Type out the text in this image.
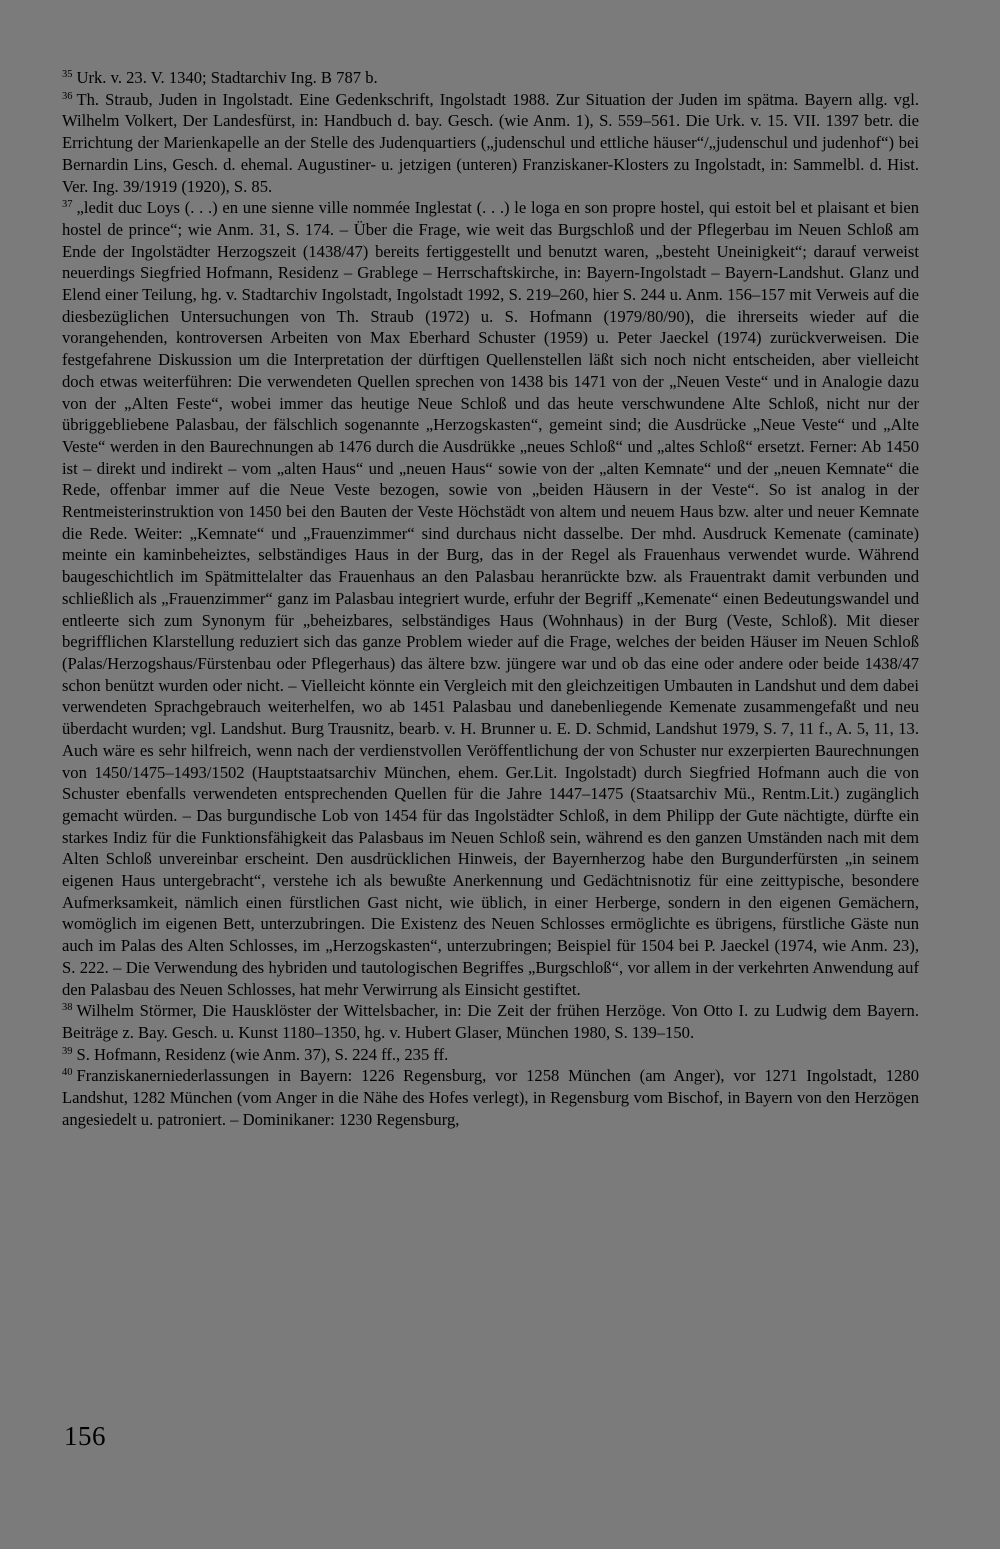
$^{35}$ Urk. v. 23. V. 1340; Stadtarchiv Ing. B 787 b.

$^{36}$ Th. Straub, Juden in Ingolstadt. Eine Gedenkschrift, Ingolstadt 1988. Zur Situation der Juden im spätma. Bayern allg. vgl. Wilhelm Volkert, Der Landesfürst, in: Handbuch d. bay. Gesch. (wie Anm. 1), S. 559–561. Die Urk. v. 15. VII. 1397 betr. die Errichtung der Marienkapelle an der Stelle des Judenquartiers („judenschul und ettliche häuser“/„judenschul und judenhof“) bei Bernardin Lins, Gesch. d. ehemal. Augustiner- u. jetzigen (unteren) Franziskaner-Klosters zu Ingolstadt, in: Sammelbl. d. Hist. Ver. Ing. 39/1919 (1920), S. 85.

$^{37}$ „ledit duc Loys (. . .) en une sienne ville nommée Inglestat (. . .) le loga en son propre hostel, qui estoit bel et plaisant et bien hostel de prince“; wie Anm. 31, S. 174. – Über die Frage, wie weit das Burgschloß und der Pflegerbau im Neuen Schloß am Ende der Ingolstädter Herzogszeit (1438/47) bereits fertiggestellt und benutzt waren, „besteht Uneinigkeit“; darauf verweist neuerdings Siegfried Hofmann, Residenz – Grablege – Herrschaftskirche, in: Bayern-Ingolstadt – Bayern-Landshut. Glanz und Elend einer Teilung, hg. v. Stadtarchiv Ingolstadt, Ingolstadt 1992, S. 219–260, hier S. 244 u. Anm. 156–157 mit Verweis auf die diesbezüglichen Untersuchungen von Th. Straub (1972) u. S. Hofmann (1979/80/90), die ihrerseits wieder auf die vorangehenden, kontroversen Arbeiten von Max Eberhard Schuster (1959) u. Peter Jaeckel (1974) zurückverweisen. Die festgefahrene Diskussion um die Interpretation der dürftigen Quellenstellen läßt sich noch nicht entscheiden, aber vielleicht doch etwas weiterführen: Die verwendeten Quellen sprechen von 1438 bis 1471 von der „Neuen Veste“ und in Analogie dazu von der „Alten Feste“, wobei immer das heutige Neue Schloß und das heute verschwundene Alte Schloß, nicht nur der übriggebliebene Palasbau, der fälschlich sogenannte „Herzogskasten“, gemeint sind; die Ausdrücke „Neue Veste“ und „Alte Veste“ werden in den Baurechnungen ab 1476 durch die Ausdrükke „neues Schloß“ und „altes Schloß“ ersetzt. Ferner: Ab 1450 ist – direkt und indirekt – vom „alten Haus“ und „neuen Haus“ sowie von der „alten Kemnate“ und der „neuen Kemnate“ die Rede, offenbar immer auf die Neue Veste bezogen, sowie von „beiden Häusern in der Veste“. So ist analog in der Rentmeisterinstruktion von 1450 bei den Bauten der Veste Höchstädt von altem und neuem Haus bzw. alter und neuer Kemnate die Rede. Weiter: „Kemnate“ und „Frauenzimmer“ sind durchaus nicht dasselbe. Der mhd. Ausdruck Kemenate (caminate) meinte ein kaminbeheiztes, selbständiges Haus in der Burg, das in der Regel als Frauenhaus verwendet wurde. Während baugeschichtlich im Spätmittelalter das Frauenhaus an den Palasbau heranrückte bzw. als Frauentrakt damit verbunden und schließlich als „Frauenzimmer“ ganz im Palasbau integriert wurde, erfuhr der Begriff „Kemenate“ einen Bedeutungswandel und entleerte sich zum Synonym für „beheizbares, selbständiges Haus (Wohnhaus) in der Burg (Veste, Schloß). Mit dieser begrifflichen Klarstellung reduziert sich das ganze Problem wieder auf die Frage, welches der beiden Häuser im Neuen Schloß (Palas/Herzogshaus/Fürstenbau oder Pflegerhaus) das ältere bzw. jüngere war und ob das eine oder andere oder beide 1438/47 schon benützt wurden oder nicht. – Vielleicht könnte ein Vergleich mit den gleichzeitigen Umbauten in Landshut und dem dabei verwendeten Sprachgebrauch weiterhelfen, wo ab 1451 Palasbau und danebenliegende Kemenate zusammengefaßt und neu überdacht wurden; vgl. Landshut. Burg Trausnitz, bearb. v. H. Brunner u. E. D. Schmid, Landshut 1979, S. 7, 11 f., A. 5, 11, 13. Auch wäre es sehr hilfreich, wenn nach der verdienstvollen Veröffentlichung der von Schuster nur exzerpierten Baurechnungen von 1450/1475–1493/1502 (Hauptstaatsarchiv München, ehem. Ger.Lit. Ingolstadt) durch Siegfried Hofmann auch die von Schuster ebenfalls verwendeten entsprechenden Quellen für die Jahre 1447–1475 (Staatsarchiv Mü., Rentm.Lit.) zugänglich gemacht würden. – Das burgundische Lob von 1454 für das Ingolstädter Schloß, in dem Philipp der Gute nächtigte, dürfte ein starkes Indiz für die Funktionsfähigkeit das Palasbaus im Neuen Schloß sein, während es den ganzen Umständen nach mit dem Alten Schloß unvereinbar erscheint. Den ausdrücklichen Hinweis, der Bayernherzog habe den Burgunderfürsten „in seinem eigenen Haus untergebracht“, verstehe ich als bewußte Anerkennung und Gedächtnisnotiz für eine zeittypische, besondere Aufmerksamkeit, nämlich einen fürstlichen Gast nicht, wie üblich, in einer Herberge, sondern in den eigenen Gemächern, womöglich im eigenen Bett, unterzubringen. Die Existenz des Neuen Schlosses ermöglichte es übrigens, fürstliche Gäste nun auch im Palas des Alten Schlosses, im „Herzogskasten“, unterzubringen; Beispiel für 1504 bei P. Jaeckel (1974, wie Anm. 23), S. 222. – Die Verwendung des hybriden und tautologischen Begriffes „Burgschloß“, vor allem in der verkehrten Anwendung auf den Palasbau des Neuen Schlosses, hat mehr Verwirrung als Einsicht gestiftet.

$^{38}$ Wilhelm Störmer, Die Hausklöster der Wittelsbacher, in: Die Zeit der frühen Herzöge. Von Otto I. zu Ludwig dem Bayern. Beiträge z. Bay. Gesch. u. Kunst 1180–1350, hg. v. Hubert Glaser, München 1980, S. 139–150.

$^{39}$ S. Hofmann, Residenz (wie Anm. 37), S. 224 ff., 235 ff.

$^{40}$ Franziskanerniederlassungen in Bayern: 1226 Regensburg, vor 1258 München (am Anger), vor 1271 Ingolstadt, 1280 Landshut, 1282 München (vom Anger in die Nähe des Hofes verlegt), in Regensburg vom Bischof, in Bayern von den Herzögen angesiedelt u. patroniert. – Dominikaner: 1230 Regensburg,

156
